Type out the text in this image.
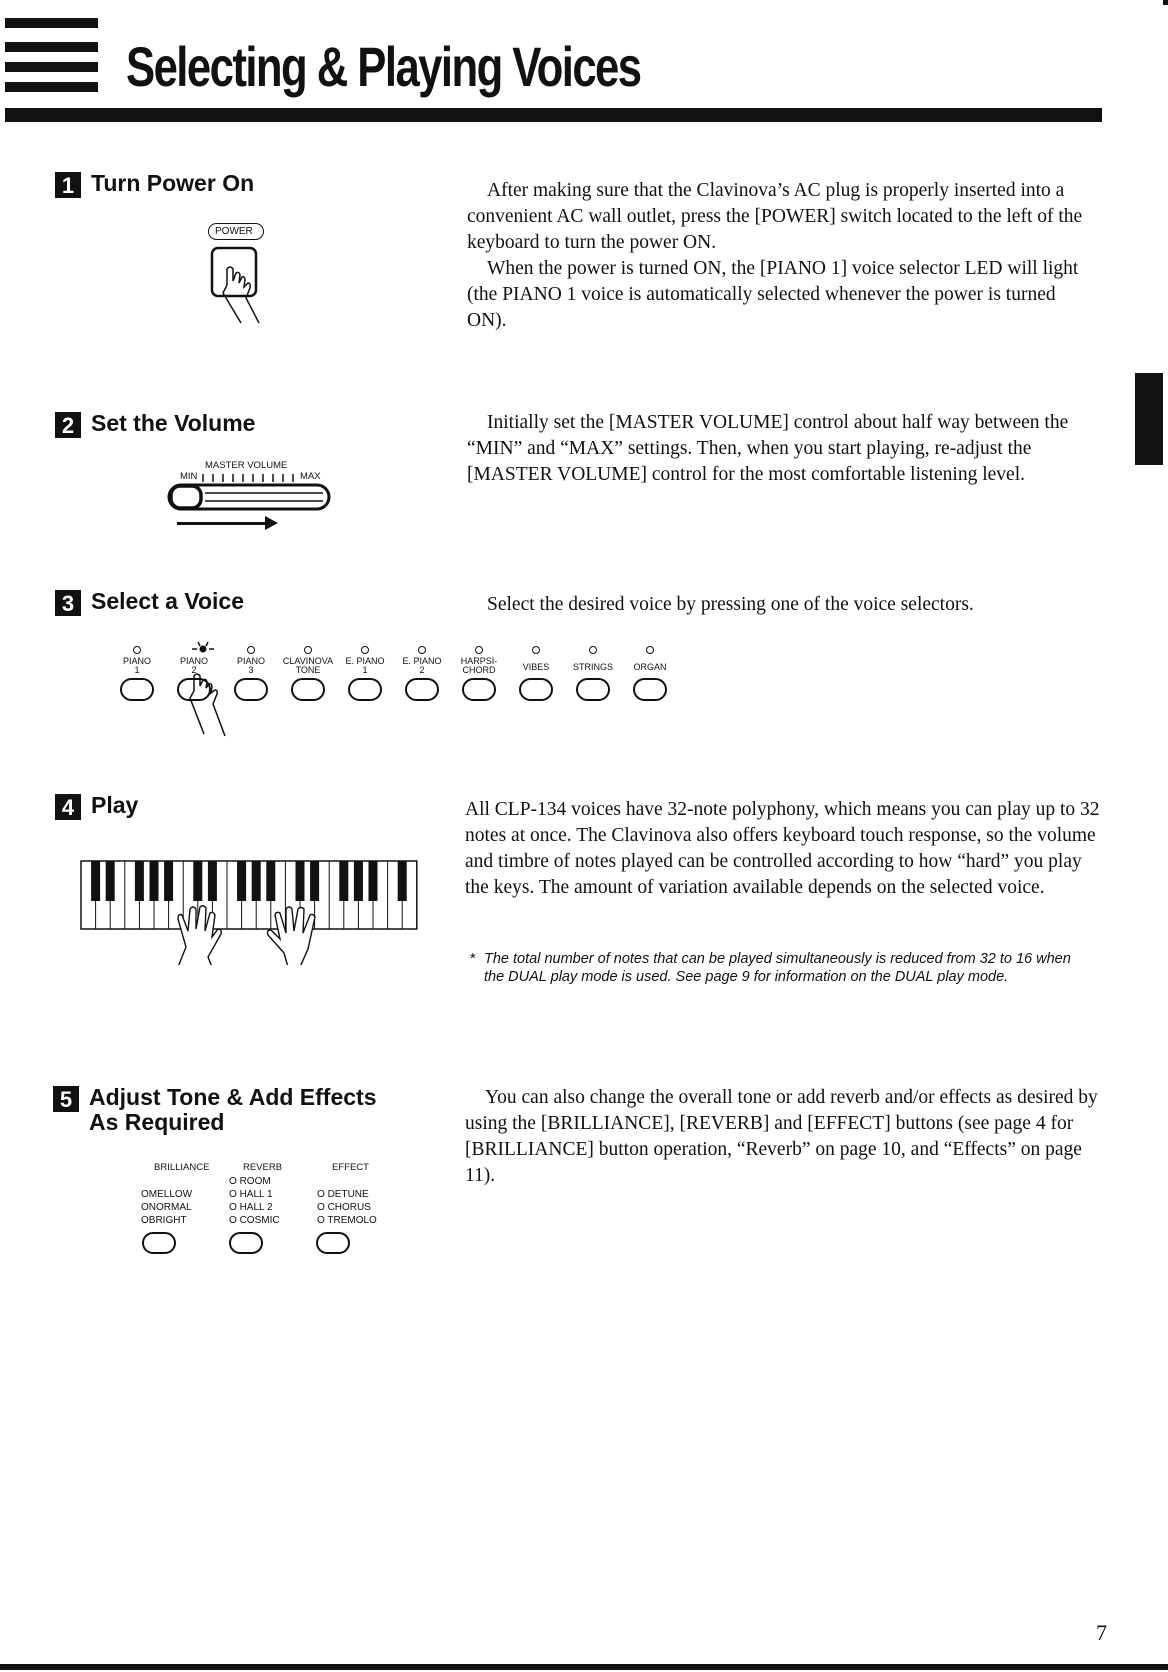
Selecting & Playing Voices
1 Turn Power On	After making sure that the Clavinova’s AC plug is properly inserted into a convenient AC wall outlet, press the [POWER] switch located to the left of the keyboard to turn the power ON.

When the power is turned ON, the [PIANO 1] voice selector LED will light (the PIANO 1 voice is automatically selected whenever the power is turned ON).

POWER
2 Set the Volume	Initially set the [MASTER VOLUME] control about half way between the “MIN” and “MAX” settings. Then, when you start playing, re-adjust the [MASTER VOLUME] control for the most comfortable listening level.

MASTER VOLUME
MIN	MAX
3 Select a Voice	Select the desired voice by pressing one of the voice selectors.

PIANO
1
PIANO
2
PIANO
3
CLAVINOVA
TONE
E. PIANO
1
E. PIANO
2
HARPSI-
CHORD	VIBES	STRINGS	ORGAN
4 Play	All CLP-134 voices have 32-note polyphony, which means you can play up to 32 notes at once. The Clavinova also offers keyboard touch response, so the volume and timbre of notes played can be controlled according to how “hard” you play the keys. The amount of variation available depends on the selected voice.

* The total number of notes that can be played simultaneously is reduced from 32 to 16 when the DUAL play mode is used. See page 9 for information on the DUAL play mode.
5 Adjust Tone & Add Effects
As Required

You can also change the overall tone or add reverb and/or effects as desired by using the [BRILLIANCE], [REVERB] and [EFFECT] buttons (see page 4 for [BRILLIANCE] button operation, “Reverb” on page 10, and “Effects” on page 11).

BRILLIANCE	REVERB	EFFECT
O ROOM
OMELLOW	O HALL 1	O DETUNE
ONORMAL	O HALL 2	O CHORUS
OBRIGHT	O COSMIC	O TREMOLO
7
